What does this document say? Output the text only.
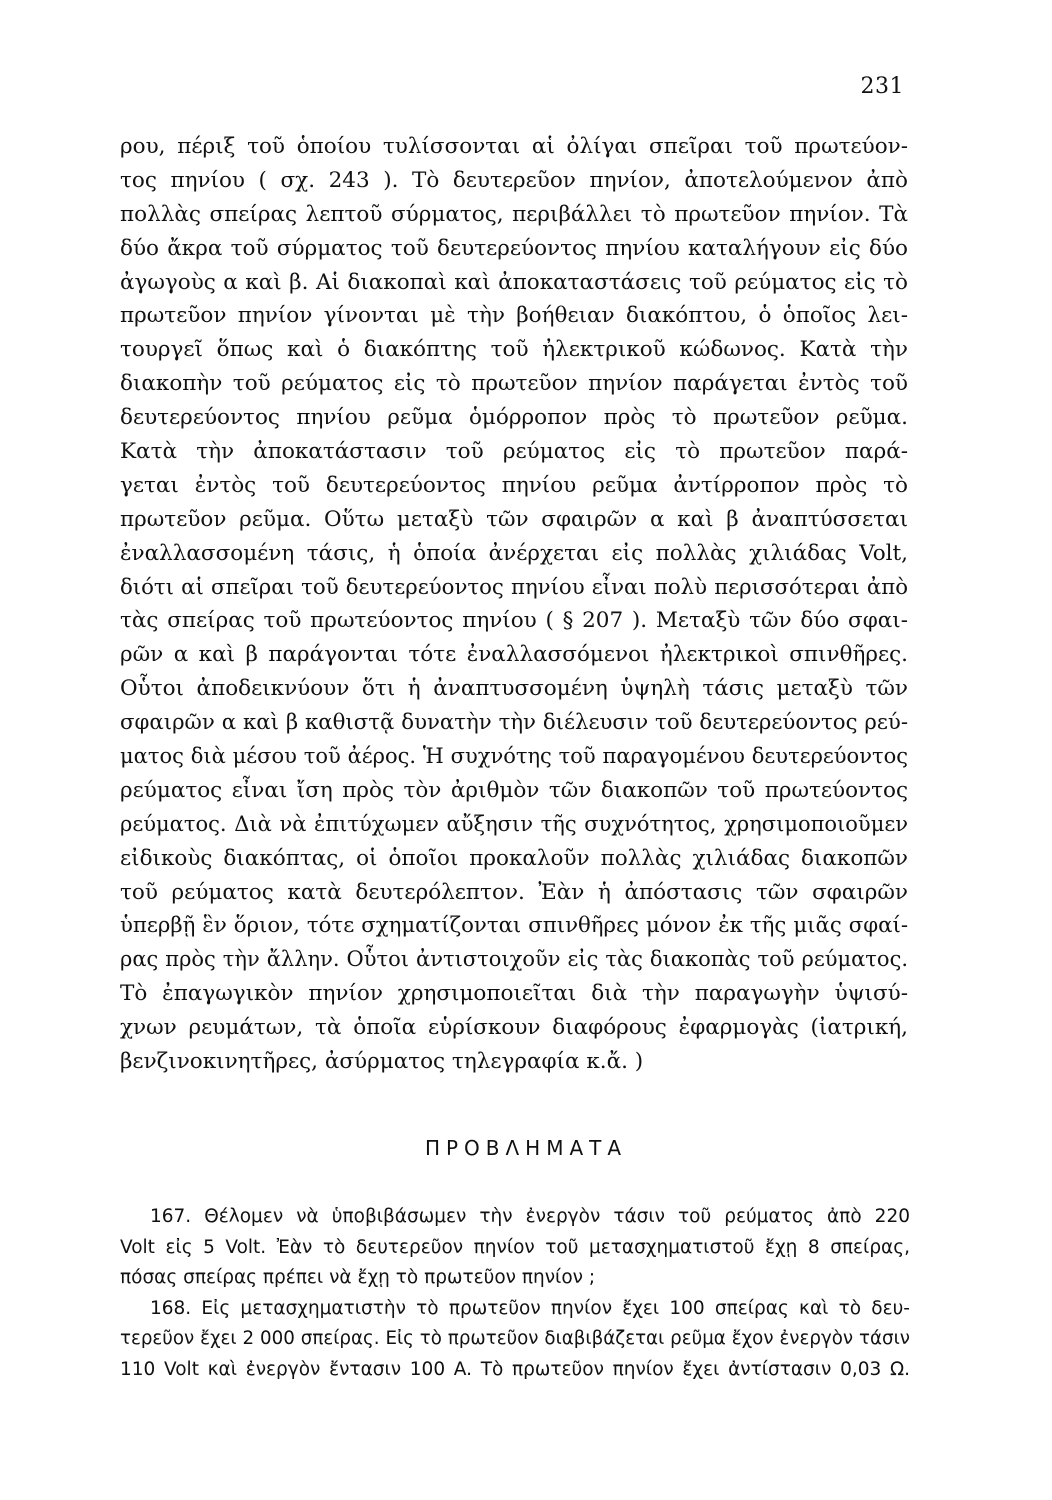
231
ρου, πέριξ τοῦ ὁποίου τυλίσσονται αἱ ὀλίγαι σπεῖραι τοῦ πρωτεύον-
τος πηνίου ( σχ. 243 ). Τὸ δευτερεῦον πηνίον, ἀποτελούμενον ἀπὸ
πολλὰς σπείρας λεπτοῦ σύρματος, περιβάλλει τὸ πρωτεῦον πηνίον. Τὰ
δύο ἄκρα τοῦ σύρματος τοῦ δευτερεύοντος πηνίου καταλήγουν εἰς δύο
ἀγωγοὺς α καὶ β. Αἱ διακοπαὶ καὶ ἀποκαταστάσεις τοῦ ρεύματος εἰς τὸ
πρωτεῦον πηνίον γίνονται μὲ τὴν βοήθειαν διακόπτου, ὁ ὁποῖος λει-
τουργεῖ ὅπως καὶ ὁ διακόπτης τοῦ ἠλεκτρικοῦ κώδωνος. Κατὰ τὴν
διακοπὴν τοῦ ρεύματος εἰς τὸ πρωτεῦον πηνίον παράγεται ἐντὸς τοῦ
δευτερεύοντος πηνίου ρεῦμα ὁμόρροπον πρὸς τὸ πρωτεῦον ρεῦμα.
Κατὰ τὴν ἀποκατάστασιν τοῦ ρεύματος εἰς τὸ πρωτεῦον παρά-
γεται ἐντὸς τοῦ δευτερεύοντος πηνίου ρεῦμα ἀντίρροπον πρὸς τὸ
πρωτεῦον ρεῦμα. Οὕτω μεταξὺ τῶν σφαιρῶν α καὶ β ἀναπτύσσεται
ἐναλλασσομένη τάσις, ἡ ὁποία ἀνέρχεται εἰς πολλὰς χιλιάδας Volt,
διότι αἱ σπεῖραι τοῦ δευτερεύοντος πηνίου εἶναι πολὺ περισσότεραι ἀπὸ
τὰς σπείρας τοῦ πρωτεύοντος πηνίου ( § 207 ). Μεταξὺ τῶν δύο σφαι-
ρῶν α καὶ β παράγονται τότε ἐναλλασσόμενοι ἠλεκτρικοὶ σπινθῆρες.
Οὗτοι ἀποδεικνύουν ὅτι ἡ ἀναπτυσσομένη ὑψηλὴ τάσις μεταξὺ τῶν
σφαιρῶν α καὶ β καθιστᾷ δυνατὴν τὴν διέλευσιν τοῦ δευτερεύοντος ρεύ-
ματος διὰ μέσου τοῦ ἀέρος. Ἡ συχνότης τοῦ παραγομένου δευτερεύοντος
ρεύματος εἶναι ἴση πρὸς τὸν ἀριθμὸν τῶν διακοπῶν τοῦ πρωτεύοντος
ρεύματος. Διὰ νὰ ἐπιτύχωμεν αὔξησιν τῆς συχνότητος, χρησιμοποιοῦμεν
εἰδικοὺς διακόπτας, οἱ ὁποῖοι προκαλοῦν πολλὰς χιλιάδας διακοπῶν
τοῦ ρεύματος κατὰ δευτερόλεπτον. Ἐὰν ἡ ἀπόστασις τῶν σφαιρῶν
ὑπερβῇ ἓν ὅριον, τότε σχηματίζονται σπινθῆρες μόνον ἐκ τῆς μιᾶς σφαί-
ρας πρὸς τὴν ἄλλην. Οὗτοι ἀντιστοιχοῦν εἰς τὰς διακοπὰς τοῦ ρεύματος.
Τὸ ἐπαγωγικὸν πηνίον χρησιμοποιεῖται διὰ τὴν παραγωγὴν ὑψισύ-
χνων ρευμάτων, τὰ ὁποῖα εὑρίσκουν διαφόρους ἐφαρμογὰς (ἰατρική,
βενζινοκινητῆρες, ἀσύρματος τηλεγραφία κ.ἄ. )
ΠΡΟΒΛΗΜΑΤΑ
167. Θέλομεν νὰ ὑποβιβάσωμεν τὴν ἐνεργὸν τάσιν τοῦ ρεύματος ἀπὸ 220
Volt εἰς 5 Volt. Ἐὰν τὸ δευτερεῦον πηνίον τοῦ μετασχηματιστοῦ ἔχῃ 8 σπείρας,
πόσας σπείρας πρέπει νὰ ἔχῃ τὸ πρωτεῦον πηνίον ;
168. Εἰς μετασχηματιστὴν τὸ πρωτεῦον πηνίον ἔχει 100 σπείρας καὶ τὸ δευ-
τερεῦον ἔχει 2 000 σπείρας. Εἰς τὸ πρωτεῦον διαβιβάζεται ρεῦμα ἔχον ἐνεργὸν τάσιν
110 Volt καὶ ἐνεργὸν ἔντασιν 100 A. Τὸ πρωτεῦον πηνίον ἔχει ἀντίστασιν 0,03 Ω.
